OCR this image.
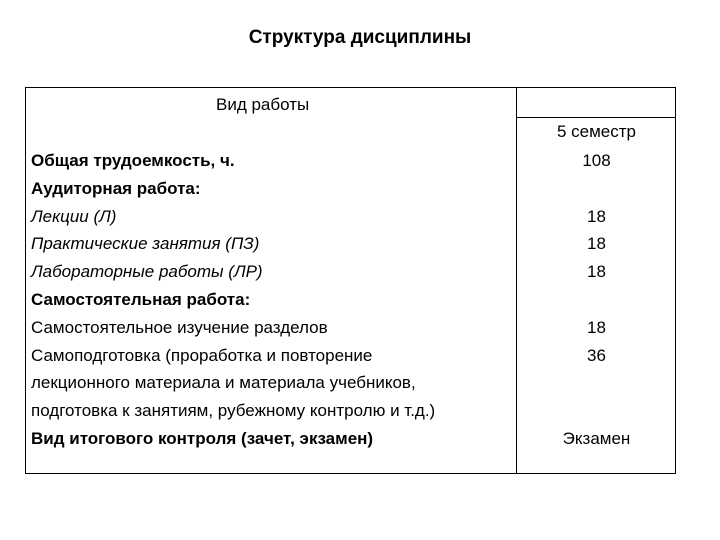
Структура дисциплины
Вид работы
5 семестр
Общая трудоемкость, ч.	108
Аудиторная работа:
Лекции (Л)	18
Практические занятия (ПЗ)	18
Лабораторные работы (ЛР)	18
Самостоятельная работа:
Самостоятельное изучение разделов	18
Самоподготовка (проработка и повторение	36
лекционного материала и материала учебников,
подготовка к занятиям, рубежному контролю и т.д.)
Вид итогового контроля (зачет, экзамен)	Экзамен
